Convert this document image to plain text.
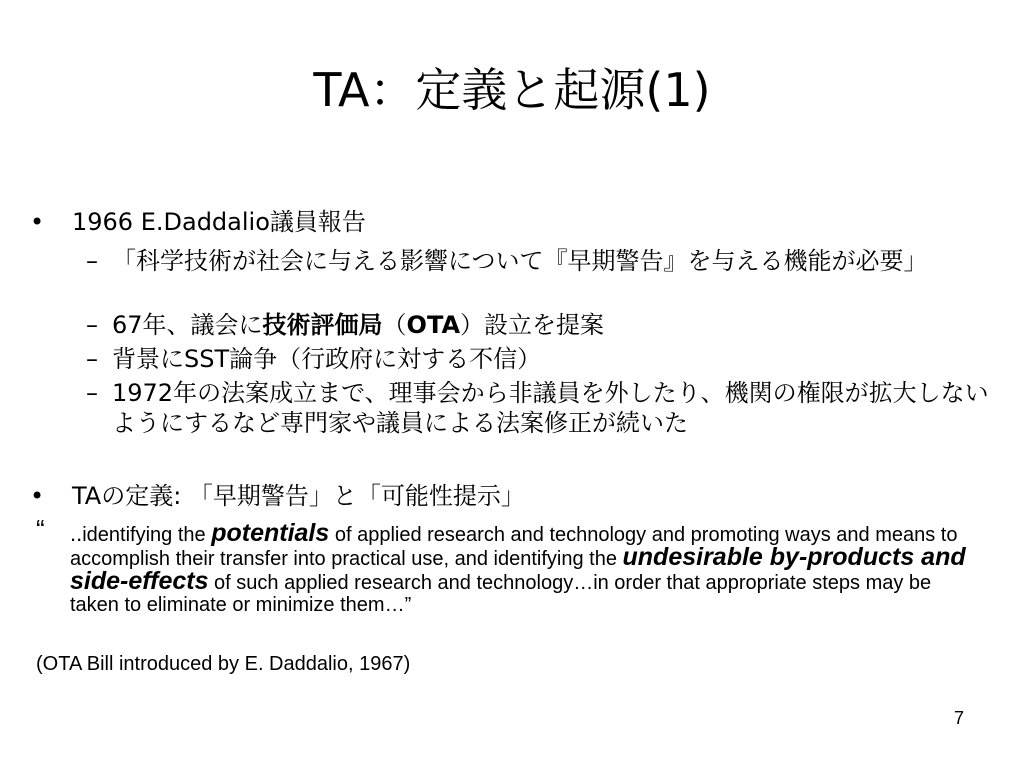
TA：定義と起源(1)
• 1966 E.Daddalio議員報告
– 「科学技術が社会に与える影響について『早期警告』を与える機能が必要」
– 67年、議会に技術評価局（OTA）設立を提案
– 背景にSST論争（行政府に対する不信）
– 1972年の法案成立まで、理事会から非議員を外したり、機関の権限が拡大しないようにするなど専門家や議員による法案修正が続いた
• TAの定義: 「早期警告」と「可能性提示」
“	..identifying the potentials of applied research and technology and promoting ways and means to accomplish their transfer into practical use, and identifying the undesirable by-products and side-effects of such applied research and technology…in order that appropriate steps may be taken to eliminate or minimize them…”
(OTA Bill introduced by E. Daddalio, 1967)
7
